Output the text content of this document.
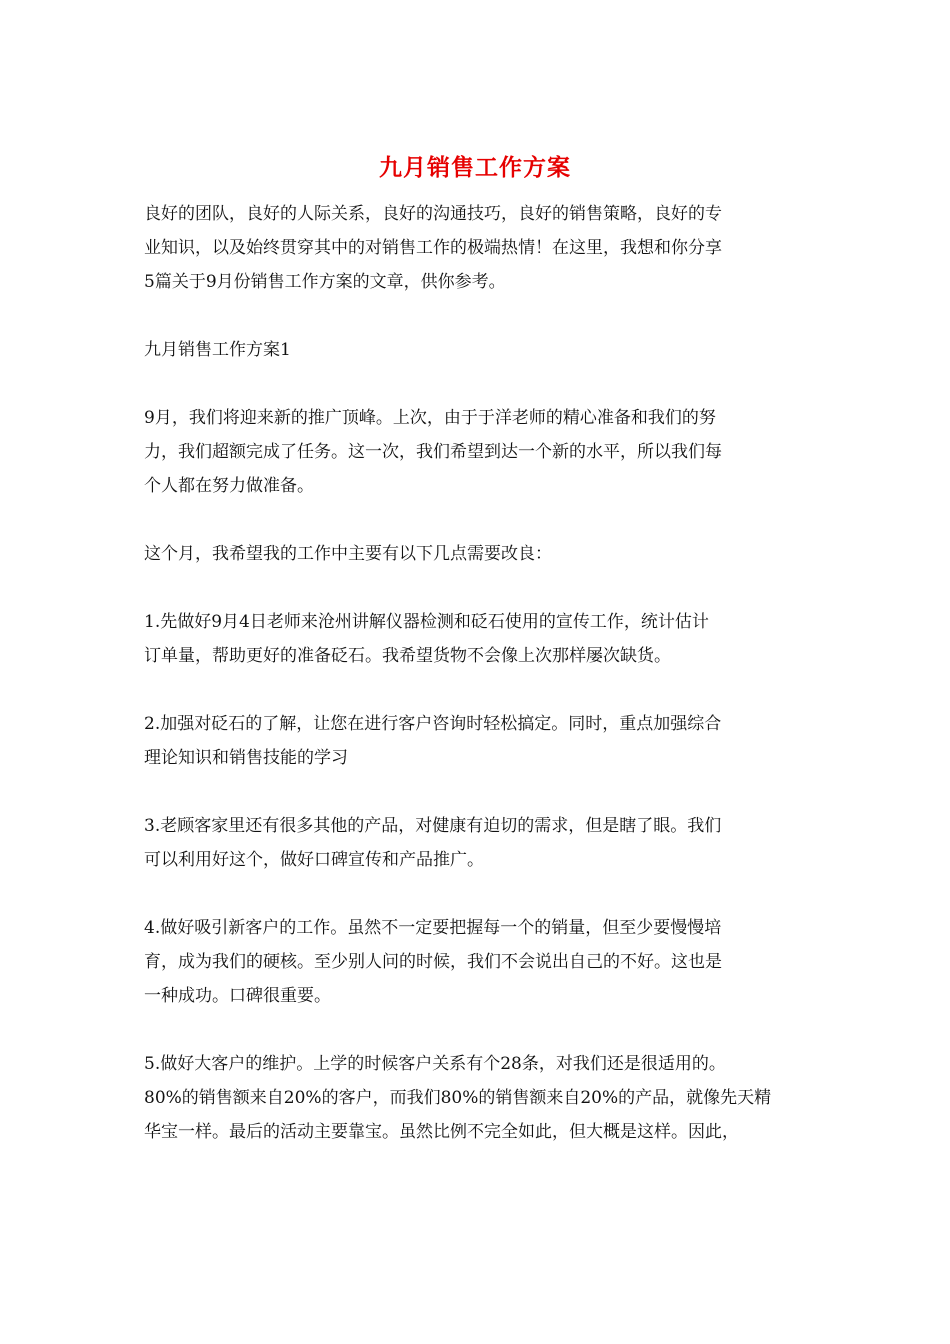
九月销售工作方案
良好的团队，良好的人际关系，良好的沟通技巧，良好的销售策略，良好的专
业知识，以及始终贯穿其中的对销售工作的极端热情！在这里，我想和你分享
5篇关于9月份销售工作方案的文章，供你参考。
九月销售工作方案1
9月，我们将迎来新的推广顶峰。上次，由于于洋老师的精心准备和我们的努
力，我们超额完成了任务。这一次，我们希望到达一个新的水平，所以我们每
个人都在努力做准备。
这个月，我希望我的工作中主要有以下几点需要改良：
1.先做好9月4日老师来沧州讲解仪器检测和砭石使用的宣传工作，统计估计
订单量，帮助更好的准备砭石。我希望货物不会像上次那样屡次缺货。
2.加强对砭石的了解，让您在进行客户咨询时轻松搞定。同时，重点加强综合
理论知识和销售技能的学习
3.老顾客家里还有很多其他的产品，对健康有迫切的需求，但是瞎了眼。我们
可以利用好这个，做好口碑宣传和产品推广。
4.做好吸引新客户的工作。虽然不一定要把握每一个的销量，但至少要慢慢培
育，成为我们的硬核。至少别人问的时候，我们不会说出自己的不好。这也是
一种成功。口碑很重要。
5.做好大客户的维护。上学的时候客户关系有个28条，对我们还是很适用的。
80%的销售额来自20%的客户，而我们80%的销售额来自20%的产品，就像先天精
华宝一样。最后的活动主要靠宝。虽然比例不完全如此，但大概是这样。因此，
